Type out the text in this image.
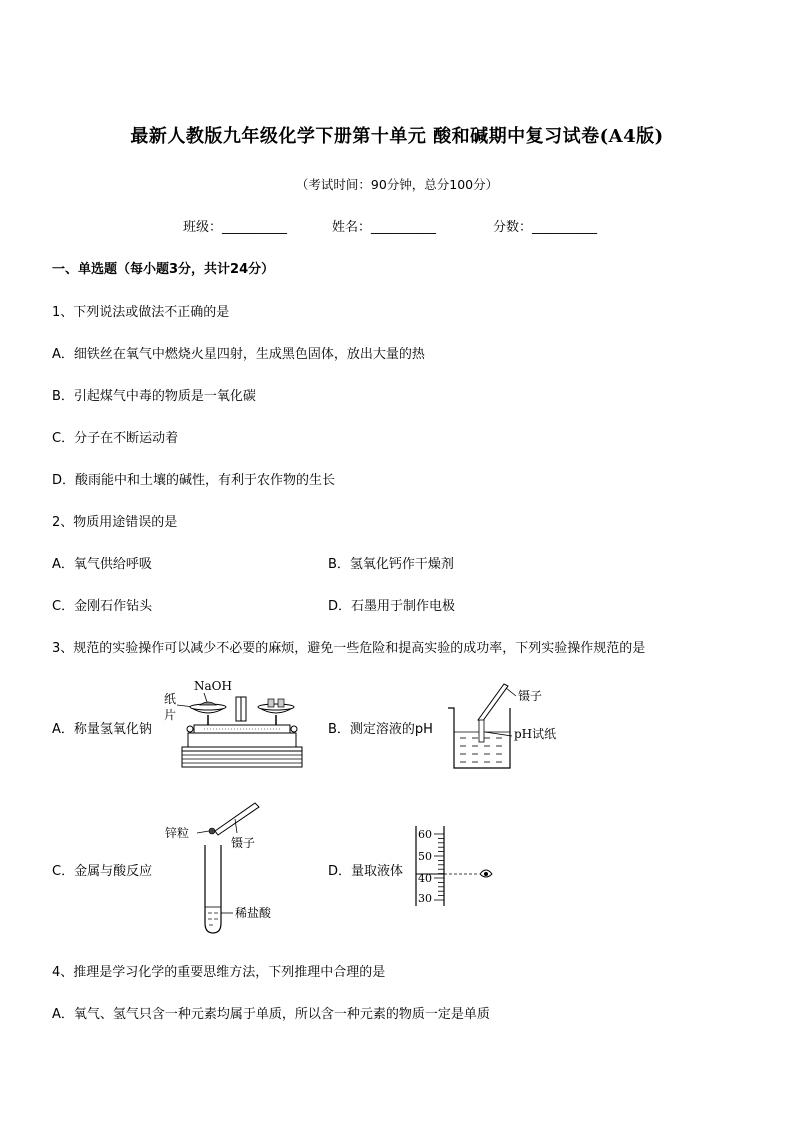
最新人教版九年级化学下册第十单元 酸和碱期中复习试卷(A4版)
（考试时间：90分钟，总分100分）
班级：__________	姓名：__________	分数：__________
一、单选题（每小题3分，共计24分）
1、下列说法或做法不正确的是
A．细铁丝在氧气中燃烧火星四射，生成黑色固体，放出大量的热
B．引起煤气中毒的物质是一氧化碳
C．分子在不断运动着
D．酸雨能中和土壤的碱性，有利于农作物的生长
2、物质用途错误的是
A．氧气供给呼吸	B．氢氧化钙作干燥剂
C．金刚石作钻头	D．石墨用于制作电极
3、规范的实验操作可以减少不必要的麻烦，避免一些危险和提高实验的成功率，下列实验操作规范的是
A．称量氢氧化钠
NaOH
纸
片
B．测定溶液的pH
镊子
pH试纸
C．金属与酸反应
锌粒
镊子
稀盐酸
D．量取液体
60
50
40
30
4、推理是学习化学的重要思维方法，下列推理中合理的是
A．氧气、氢气只含一种元素均属于单质，所以含一种元素的物质一定是单质
